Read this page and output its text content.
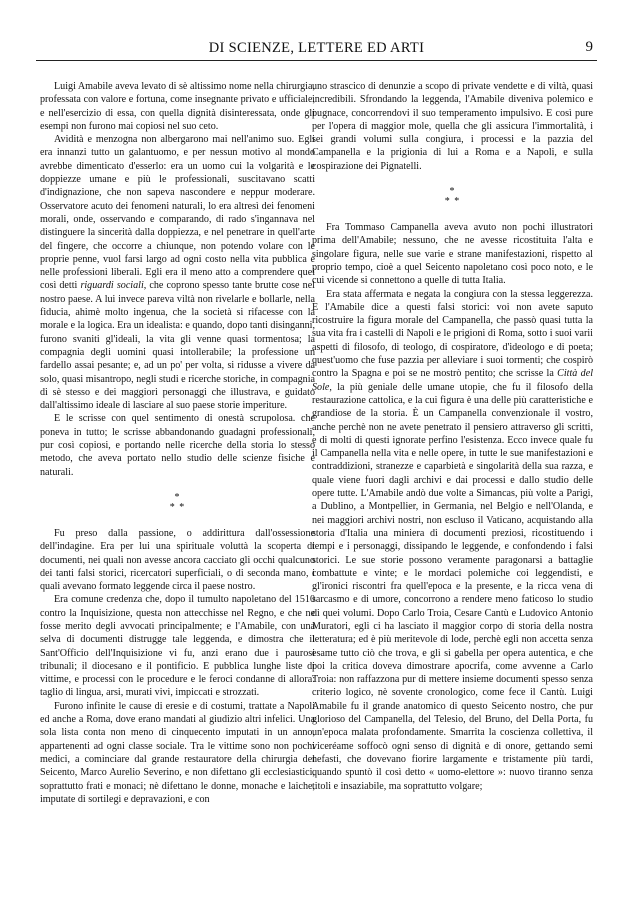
DI SCIENZE, LETTERE ED ARTI	9

Luigi Amabile aveva levato di sè altissimo nome nella chirurgia, professata con valore e fortuna, come insegnante privato e ufficiale, e nell'esercizio di essa, con quella dignità disinteressata, onde gli esempi non furono mai copiosi nel suo ceto.

Avidità e menzogna non albergarono mai nell'animo suo. Egli era innanzi tutto un galantuomo, e per nessun motivo al mondo avrebbe dimenticato d'esserlo: era un uomo cui la volgarità e le doppiezze umane e più le professionali, suscitavano scatti d'indignazione, che non sapeva nascondere e neppur moderare. Osservatore acuto dei fenomeni naturali, lo era altresì dei fenomeni morali, onde, osservando e comparando, di rado s'ingannava nel distinguere la sincerità dalla doppiezza, e nel penetrare in quell'arte del fingere, che occorre a chiunque, non potendo volare con le proprie penne, vuol farsi largo ad ogni costo nella vita pubblica e nelle professioni liberali. Egli era il meno atto a comprendere quei così detti riguardi sociali, che coprono spesso tante brutte cose nel nostro paese. A lui invece pareva viltà non rivelarle e bollarle, nella fiducia, ahimè molto ingenua, che la società si rifacesse con la morale e la logica. Era un idealista: e quando, dopo tanti disinganni, furono svaniti gl'ideali, la vita gli venne quasi tormentosa; la compagnia degli uomini quasi intollerabile; la professione un fardello assai pesante; e, ad un po' per volta, si ridusse a vivere da solo, quasi misantropo, negli studi e ricerche storiche, in compagnia di sè stesso e dei maggiori personaggi che illustrava, e guidato dall'altissimo ideale di lasciare al suo paese storie imperiture.

E le scrisse con quel sentimento di onestà scrupolosa. che poneva in tutto; le scrisse abbandonando guadagni professionali, pur così copiosi, e portando nelle ricerche della storia lo stesso metodo, che aveva portato nello studio delle scienze fisiche e naturali.

*
* *

Fu preso dalla passione, o addirittura dall'ossessione dell'indagine. Era per lui una spirituale voluttà la scoperta di documenti, nei quali non avesse ancora cacciato gli occhi qualcuno dei tanti falsi storici, ricercatori superficiali, o di seconda mano, i quali avevano formato leggende circa il paese nostro.

Era comune credenza che, dopo il tumulto napoletano del 1510 contro la Inquisizione, questa non attecchisse nel Regno, e che ne fosse merito degli avvocati principalmente; e l'Amabile, con una selva di documenti distrugge tale leggenda, e dimostra che il Sant'Officio dell'Inquisizione vi fu, anzi erano due i paurosi tribunali; il diocesano e il pontificio. E pubblica lunghe liste di vittime, e processi con le procedure e le feroci condanne di allora: taglio di lingua, arsi, murati vivi, impiccati e strozzati.

Furono infinite le cause di eresie e di costumi, trattate a Napoli ed anche a Roma, dove erano mandati al giudizio altri infelici. Una sola lista conta non meno di cinquecento imputati in un anno, appartenenti ad ogni classe sociale. Tra le vittime sono non pochi medici, a cominciare dal grande restauratore della chirurgia del Seicento, Marco Aurelio Severino, e non difettano gli ecclesiastici, soprattutto frati e monaci; nè difettano le donne, monache e laiche, imputate di sortilegi e depravazioni, e con

uno strascico di denunzie a scopo di private vendette e di viltà, quasi incredibili. Sfrondando la leggenda, l'Amabile diveniva polemico e pugnace, concorrendovi il suo temperamento impulsivo. E così pure per l'opera di maggior mole, quella che gli assicura l'immortalità, i sei grandi volumi sulla congiura, i processi e la pazzia del Campanella e la prigionia di lui a Roma e a Napoli, e sulla cospirazione dei Pignatelli.

*
* *

Fra Tommaso Campanella aveva avuto non pochi illustratori prima dell'Amabile; nessuno, che ne avesse ricostituita l'alta e singolare figura, nelle sue varie e strane manifestazioni, rispetto al proprio tempo, cioè a quel Seicento napoletano così poco noto, e le cui vicende si connettono a quelle di tutta Italia.

Era stata affermata e negata la congiura con la stessa leggerezza. E l'Amabile dice a questi falsi storici: voi non avete saputo ricostruire la figura morale del Campanella, che passò quasi tutta la sua vita fra i castelli di Napoli e le prigioni di Roma, sotto i suoi varii aspetti di filosofo, di teologo, di cospiratore, d'ideologo e di poeta; quest'uomo che fuse pazzia per alleviare i suoi tormenti; che cospirò contro la Spagna e poi se ne mostrò pentito; che scrisse la Città del Sole, la più geniale delle umane utopie, che fu il filosofo della restaurazione cattolica, e la cui figura è una delle più caratteristiche e grandiose de la storia. È un Campanella convenzionale il vostro, anche perchè non ne avete penetrato il pensiero attraverso gli scritti, e di molti di questi ignorate perfino l'esistenza. Ecco invece quale fu il Campanella nella vita e nelle opere, in tutte le sue manifestazioni e contraddizioni, stranezze e caparbietà e singolarità della sua razza, e quale viene fuori dagli archivi e dai processi e dallo studio delle opere tutte. L'Amabile andò due volte a Simancas, più volte a Parigi, a Dublino, a Montpellier, in Germania, nel Belgio e nell'Olanda, e nei maggiori archivi nostri, non escluso il Vaticano, acquistando alla storia d'Italia una miniera di documenti preziosi, ricostituendo i tempi e i personaggi, dissipando le leggende, e confondendo i falsi storici. Le sue storie possono veramente paragonarsi a battaglie combattute e vinte; e le mordaci polemiche coi leggendisti, e gl'ironici riscontri fra quell'epoca e la presente, e la ricca vena di sarcasmo e di umore, concorrono a rendere meno faticoso lo studio di quei volumi. Dopo Carlo Troia, Cesare Cantù e Ludovico Antonio Muratori, egli ci ha lasciato il maggior corpo di storia della nostra letteratura; ed è più meritevole di lode, perchè egli non accetta senza esame tutto ciò che trova, e gli si gabella per opera autentica, e che poi la critica doveva dimostrare apocrifa, come avvenne a Carlo Troia: non raffazzona pur di mettere insieme documenti spesso senza criterio logico, nè sovente cronologico, come fece il Cantù. Luigi Amabile fu il grande anatomico di questo Seicento nostro, che pur glorioso del Campanella, del Telesio, del Bruno, del Della Porta, fu un'epoca malata profondamente. Smarrita la coscienza collettiva, il viceréame soffocò ogni senso di dignità e di onore, gettando semi nefasti, che dovevano fiorire largamente e tristamente più tardi, quando spuntò il così detto « uomo-elettore »: nuovo tiranno senza titoli e insaziabile, ma soprattutto volgare;
